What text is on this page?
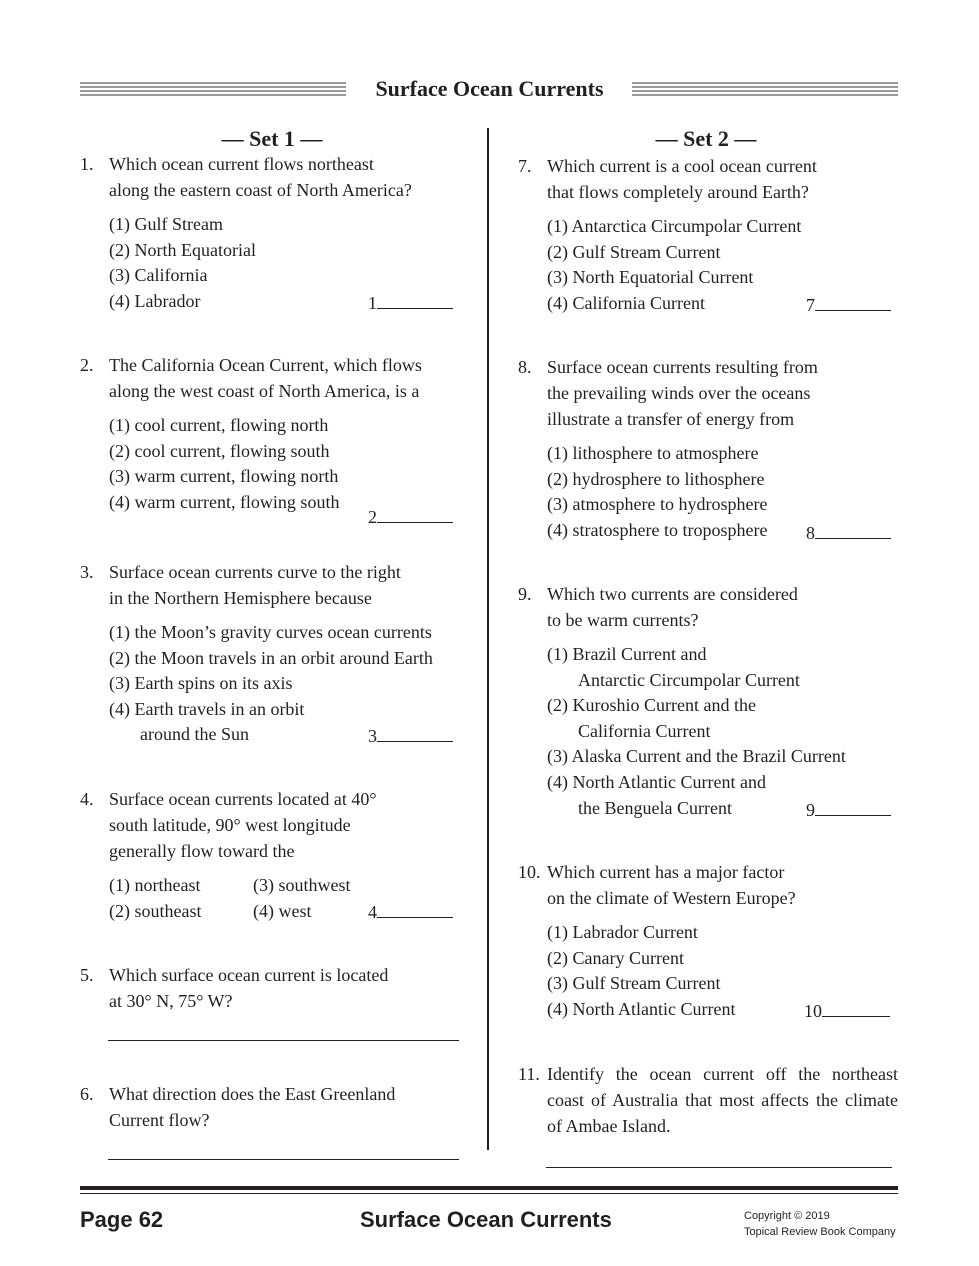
Surface Ocean Currents
— Set 1 —	— Set 2 —
1. Which ocean current flows northeast
along the eastern coast of North America?
(1) Gulf Stream
(2) North Equatorial
(3) California
(4) Labrador	1
2. The California Ocean Current, which flows
along the west coast of North America, is a
(1) cool current, flowing north
(2) cool current, flowing south
(3) warm current, flowing north
(4) warm current, flowing south
2
3. Surface ocean currents curve to the right
in the Northern Hemisphere because
(1) the Moon’s gravity curves ocean currents
(2) the Moon travels in an orbit around Earth
(3) Earth spins on its axis
(4) Earth travels in an orbit
around the Sun	3
4. Surface ocean currents located at 40°
south latitude, 90° west longitude
generally flow toward the
(1) northeast	(3) southwest
(2) southeast	(4) west	4
5. Which surface ocean current is located
at 30° N, 75° W?
6. What direction does the East Greenland
Current flow?
7. Which current is a cool ocean current
that flows completely around Earth?
(1) Antarctica Circumpolar Current
(2) Gulf Stream Current
(3) North Equatorial Current
(4) California Current	7
8. Surface ocean currents resulting from
the prevailing winds over the oceans
illustrate a transfer of energy from
(1) lithosphere to atmosphere
(2) hydrosphere to lithosphere
(3) atmosphere to hydrosphere
(4) stratosphere to troposphere 8
9. Which two currents are considered
to be warm currents?
(1) Brazil Current and
Antarctic Circumpolar Current
(2) Kuroshio Current and the
California Current
(3) Alaska Current and the Brazil Current
(4) North Atlantic Current and
the Benguela Current	9
10. Which current has a major factor
on the climate of Western Europe?
(1) Labrador Current
(2) Canary Current
(3) Gulf Stream Current
(4) North Atlantic Current	10
11. Identify the ocean current off the northeast
coast of Australia that most affects the climate
of Ambae Island.
Page 62	Surface Ocean Currents	Copyright © 2019
Topical Review Book Company
